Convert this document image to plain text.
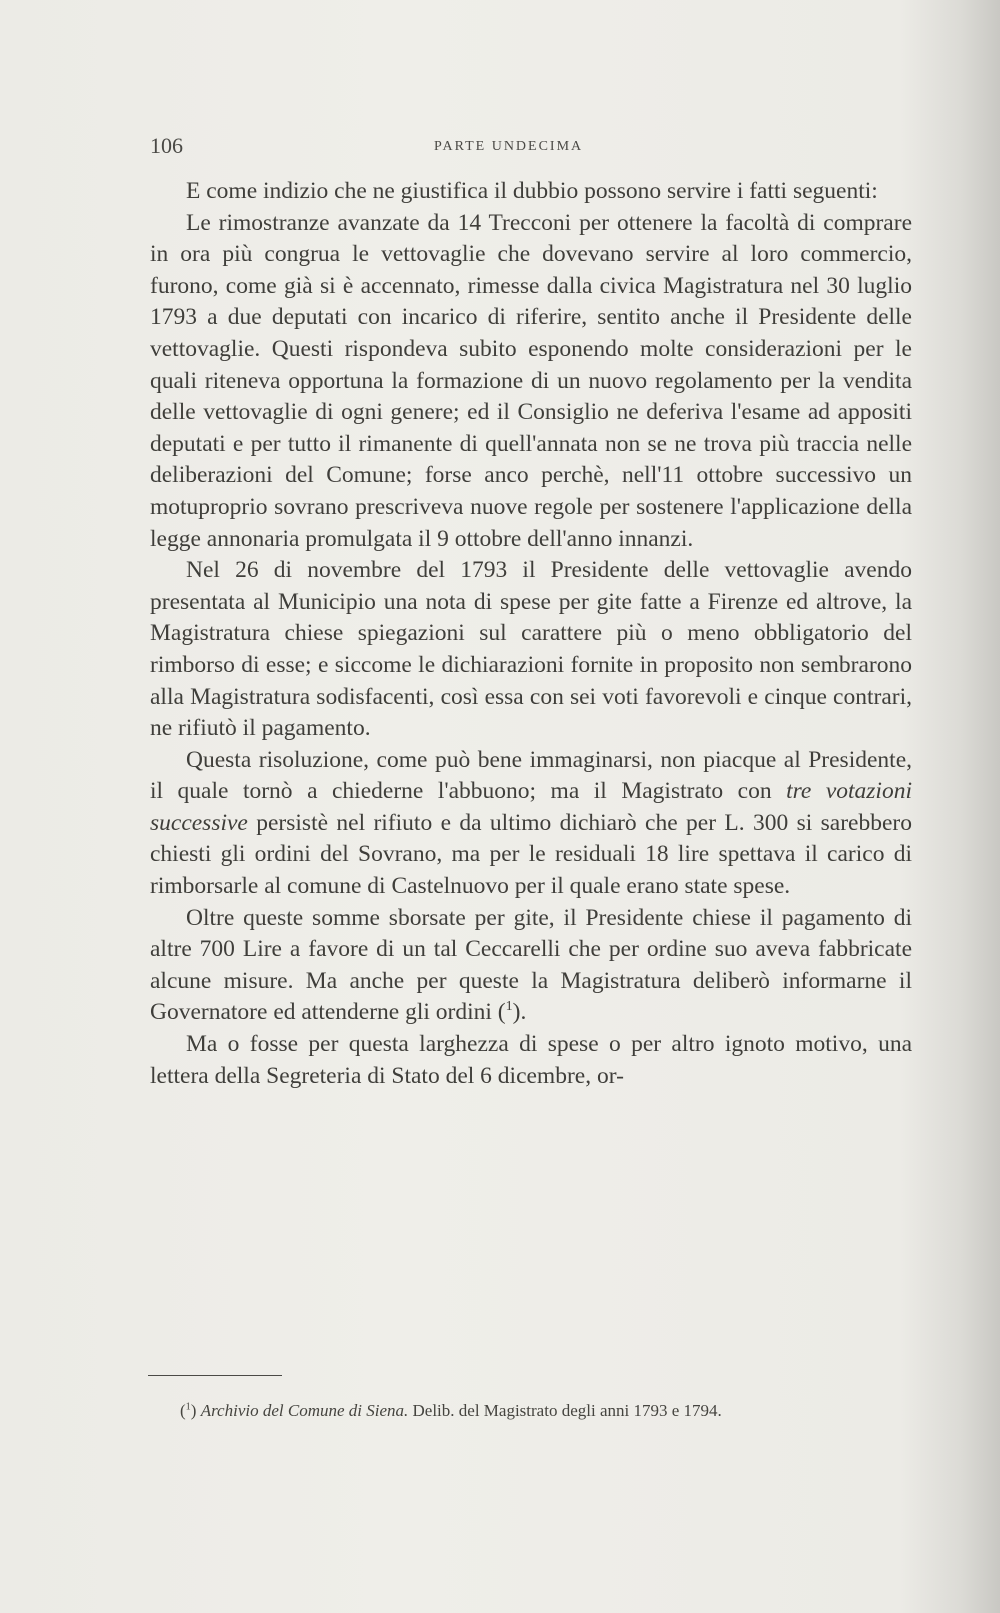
106	PARTE UNDECIMA

E come indizio che ne giustifica il dubbio possono servire i fatti seguenti:

Le rimostranze avanzate da 14 Trecconi per ottenere la facoltà di comprare in ora più congrua le vettovaglie che dovevano servire al loro commercio, furono, come già si è accennato, rimesse dalla civica Magistratura nel 30 luglio 1793 a due deputati con incarico di riferire, sentito anche il Presidente delle vettovaglie. Questi rispondeva subito esponendo molte considerazioni per le quali riteneva opportuna la formazione di un nuovo regolamento per la vendita delle vettovaglie di ogni genere; ed il Consiglio ne deferiva l'esame ad appositi deputati e per tutto il rimanente di quell'annata non se ne trova più traccia nelle deliberazioni del Comune; forse anco perchè, nell'11 ottobre successivo un motuproprio sovrano prescriveva nuove regole per sostenere l'applicazione della legge annonaria promulgata il 9 ottobre dell'anno innanzi.

Nel 26 di novembre del 1793 il Presidente delle vettovaglie avendo presentata al Municipio una nota di spese per gite fatte a Firenze ed altrove, la Magistratura chiese spiegazioni sul carattere più o meno obbligatorio del rimborso di esse; e siccome le dichiarazioni fornite in proposito non sembrarono alla Magistratura sodisfacenti, così essa con sei voti favorevoli e cinque contrari, ne rifiutò il pagamento.

Questa risoluzione, come può bene immaginarsi, non piacque al Presidente, il quale tornò a chiederne l'abbuono; ma il Magistrato con tre votazioni successive persistè nel rifiuto e da ultimo dichiarò che per L. 300 si sarebbero chiesti gli ordini del Sovrano, ma per le residuali 18 lire spettava il carico di rimborsarle al comune di Castelnuovo per il quale erano state spese.

Oltre queste somme sborsate per gite, il Presidente chiese il pagamento di altre 700 Lire a favore di un tal Ceccarelli che per ordine suo aveva fabbricate alcune misure. Ma anche per queste la Magistratura deliberò informarne il Governatore ed attenderne gli ordini ($^1$).

Ma o fosse per questa larghezza di spese o per altro ignoto motivo, una lettera della Segreteria di Stato del 6 dicembre, or-

($^1$) Archivio del Comune di Siena. Delib. del Magistrato degli anni 1793 e 1794.
